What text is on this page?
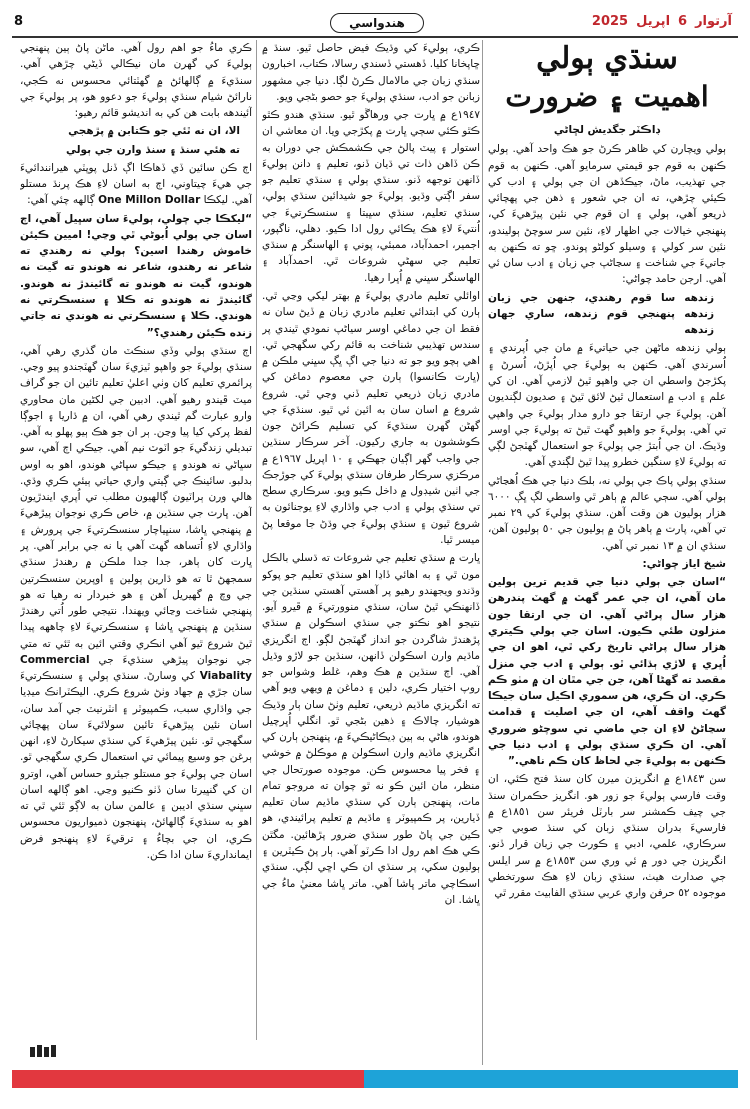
8	هندواسي	آرتوار6اپريل2025
سنڌي ٻولي
اهميت ۽ ضرورت

ڊاڪٽر جگديش لڇاڻي

ٻولي ويچارن کي ظاهر ڪرڻ جو هڪ واحد آهي. ٻولي ڪنهن به قوم جو قيمتي سرمايو آهي. ڪنهن به قوم جي تهذيب، ماڻ، جيڪڏهن ان جي ٻولي ۽ ادب کي ڪيئي چڙهي، ته ان جي شعور ۽ ذهن جي پهچائي ذريعو آهي، ٻولي ۽ ان قوم جي نئين پيڙهيءَ کي، پنهنجي خيالات جي اظهار لاءِ، نئين سر سوچڻ ٻوليندو، نئين سر کولي ۽ وسيلو کولڻو پوندو. ڇو ته ڪنهن به جاتيءَ جي شناخت ۽ سڃاڻپ جي زبان ۽ ادب سان ئي آهي. ارجن حامد چواڻي:

زندهه سا قوم رهندي، جنهن جي زبان زندهه پنهنجي قوم زندهه، ساري جهان زندهه

ٻولي زندهه ماڻهن جي حياتيءَ ۾ مان جي اُپرندي ۽ اُسرندي آهي. ڪنهن به ٻوليءَ جي اُپڙڻ، اُسرڻ ۽ پکڙجڻ واسطي ان جي واهپو ٿيڻ لازمي آهي. ان کي علم ۽ ادب ۾ استعمال ٿيڻ لائق ٿيڻ ۽ صديون لڳنديون آهن. ٻوليءَ جي ارتقا جو دارو مدار ٻوليءَ جي واهپي تي آهي. ٻوليءَ جو واهپو گهٽ ٿيڻ ته ٻوليءَ جي اوسر وڌيڪ. ان جي اُبتڙ جي ٻوليءَ جو استعمال گهٽجڻ لڳي ته ٻوليءَ لاءِ سنگين خطرو پيدا ٿيڻ لڳندي آهي.

سنڌي ٻولي پاڪ جي ٻولي نه، بلڪ دنيا جي هڪ اُهڃاڻي ٻولي آهي. سڄي عالم ۾ ٻاهر ٿي واسطي لڳ ڀڳ ٦٠٠٠ هزار ٻوليون هن وقت آهن. سنڌي ٻوليءَ کي ٢٩ نمبر تي آهي، پارت ۾ ٻاهر پاڻ ۾ ٻوليون جي ٥٠ ٻوليون آهن، سنڌي ان ۾ ١٣ نمبر تي آهي.

شيخ اياز چواڻي:

“اسان جي ٻولي دنيا جي قديم ترين ٻولين مان آهي، ان جي عمر گهٽ ۾ گهٽ پندرهن هزار سال پراڻي آهي. ان جي ارتقا جون منزلون طئي ڪيون. اسان جي ٻولي ڪيتري هزار سال پراڻي تاريخ رکي ٿي، اهو ان جي اُڀري ۽ لاڙي ٻڌائي ٿو. ٻولي ۽ ادب جي منزل مقصد ته گهڻا آهن، جن جي مٿان ان ۾ مٺو ڪم ڪري. ان ڪري، هن سموري اڪيل سان جيڪا گهٽ واقف آهي، ان جي اصليت ۽ قدامت سڃاڻڻ لاءِ ان جي ماضي تي سوچڻو ضروري آهي. ان ڪري سنڌي ٻولي ۽ ادب دنيا جي ڪنهن به ٻوليءَ جي لحاظ کان ڪم ناهي.”

سن ١٨٤٣ع ۾ انگريزن ميرن کان سنڌ فتح ڪئي، ان وقت فارسي ٻوليءَ جو زور هو. انگريز حڪمران سنڌ جي چيف ڪمشنر سر بارٽل فريئر سن ١٨٥١ع ۾ فارسيءَ بدران سنڌي زبان کي سنڌ صوبي جي سرڪاري، علمي، ادبي ۽ ڪورٽ جي زبان قرار ڏنو. انگريزن جي دور ۾ ئي وري سن ١٨٥٣ع ۾ سر ايلس جي صدارت هيٺ، سنڌي زبان لاءِ هڪ سورتخطي موجوده ٥٢ حرفن واري عربي سنڌي الفابيٽ مقرر ٿي

ڪري، ٻوليءَ کي وڌيڪ فيض حاصل ٿيو. سنڌ ۾ ڇاپخانا کليا. ڏهستي ڏسندي رسالا، ڪتاب، اخبارون سنڌي زبان جي مالامال ڪرڻ لڳا. دنيا جي مشهور زبانن جو ادب، سنڌي ٻوليءَ جو حصو بڻجي ويو.

١٩٤٧ع ۾ ڀارت جي ورهاڱو ٿيو. سنڌي هندو ڪٿو ڪٿو ڪئي سڄي ڀارت ۾ پکڙجي ويا. ان معاشي ان استوار ۽ پيٽ پالڻ جي ڪشمڪش جي دوران به ڪن ڏاهن ذات تي ڌيان ڏنو، تعليم ۽ دانن ٻوليءَ ڏانهن توجهه ڏنو. سنڌي ٻولي ۽ سنڌي تعليم جو سفر اڳتي وڌيو. ٻوليءَ جو شيدائين سنڌي ٻولي، سنڌي تعليم، سنڌي سڀيتا ۽ سنسڪرتيءَ جي اُنتيءَ لاءِ هڪ يڪائي رول ادا ڪيو. دهلي، ناگپور، اجمير، احمدآباد، ممبئي، پوني ۽ الهاسنگر ۾ سنڌي تعليم جي سهڻي شروعات ٿي. احمدآباد ۽ الهاسنگر سڀني ۾ اُڀرا رهيا.

اوائلي تعليم مادري ٻوليءَ ۾ بهتر ليکي وڃي ٿي. ٻارن کي ابتدائي تعليم مادري زبان ۾ ڏيڻ سان نه فقط ان جي دماغي اوسر سياڻپ نمودي ٿيندي پر سندس تهذيبي شناخت به قائم رکي سگهجي ٿي. اهي ٻچو ويو جو ته دنيا جي اڳ ڀڳ سڀني ملڪن ۾ (ڀارت ڪانسوا) ٻارن جي معصوم دماغن کي مادري زبان ذريعي تعليم ڏني وڃي ٿي. شروع شروع ۾ اسان سان به ائين ئي ٿيو. سنڌيءَ جي گهڻن گهرن سنڌيءَ کي تسليم ڪرائڻ جون ڪوششون به جاري رکيون. آخر سرڪار سنڌين جي واجب گهر اڳيان جهڪي ۽ ١٠ اپريل ١٩٦٧ع ۾ مرڪزي سرڪار طرفان سنڌي ٻوليءَ کي جوڙجڪ جي اٺين شيڊول ۾ داخل ڪيو ويو. سرڪاري سطح تي سنڌي ٻولي ۽ ادب جي واڌاري لاءِ يوجنائون به شروع ٿيون ۽ سنڌي ٻوليءَ جي وڌڻ جا موقعا پڻ ميسر ٿيا.

ڀارت ۾ سنڌي تعليم جي شروعات ته ڌسلي بالڪل مون ٿي ۽ به اهائي ڏاڍا اهو سنڌي تعليم جو پوکو وڌندو ويجهندو رهيو پر آهستي آهستي سنڌين جي ڏانهنڪي ٿيڻ سان، سنڌي منوورتيءَ ۾ ڦيرو آيو. نتيجو اهو نڪتو جي سنڌي اسڪولن ۾ سنڌي پڙهندڙ شاگردن جو انداز گهٽجڻ لڳو. اڄ انگريزي ماڌيم وارن اسڪولن ڏانهن، سنڌين جو لاڙو وڌيل آهي. اڄ سنڌين ۾ هڪ وهم، غلط وشواس جو روپ اختيار ڪري، دلين ۽ دماغن ۾ ويهي ويو آهي ته انگريزي ماڌيم ذريعي، تعليم وٺڻ سان ٻار وڌيڪ هوشيار، چالاڪ ۽ ذهين بڻجي ٿو. انگلي اُڀرچيل هوندو، هاڻي به ٻين ڊيڪاڻيڪيءَ ۾، پنهنجن ٻارن کي انگريزي ماڌيم وارن اسڪولن ۾ موڪلڻ ۾ خوشي ۽ فخر پيا محسوس ڪن. موجوده صورتحال جي منظر، مان ائين ڪو نه ٿو چوان ته مروجو تمام مات، پنهنجن ٻارن کي سنڌي ماڌيم سان تعليم ڏيارين، پر ڪمپيوٽر ۽ ماڌيم ۾ تعليم پرائيندي، هو ڪين جي پاڻ طور سنڌي ضرور پڙهائين. مگٿن ڪي هڪ اهم رول ادا ڪرٽو آهي. ٻار پڻ ڪيٽرين ۽ ٻوليون سکي، پر سنڌي ان ڪي اڇي لڳي. سنڌي اسڪاچي ماتر ڀاشا آهي. ماتر ڀاشا معنيٰ ماءُ جي ڀاشا. ان

ڪري ماءُ جو اهم رول آهي. ماڻن پاڻ ٻين پنهنجي ٻوليءَ کي گهرن مان نيڪالي ڏيڻي چڙهي آهي. سنڌيءَ ۾ ڳالهائڻ ۾ گهٽتائي محسوس نه ڪجي، نارائڻ شيام سنڌي ٻوليءَ جو دعوو هو، پر ٻوليءَ جي آئيندهه بابت هن کي به انديشو قائم رهيو:

الا، ان نه ٿئي جو ڪتابن ۾ پڙهجي

ته هئي سنڌ ۽ سنڌ وارن جي ٻولي

اڄ ڪن سائين ڏي ڏهاڪا اڳ ڏنل پوپٽي هيرانندائيءَ جي هيءَ چيتاوني، اڄ به اسان لاءِ هڪ پرنڌ مستلو آهي. ليکڪا One Millon Dollar ڳالهه چئي آهي:

“ليکڪا جي چولي، ٻوليءَ سان سڀيل آهي، اڄ اسان جي ٻولي اُبوڻي ٿي وڃي! اميين ڪيئن خاموش رهندا اسين؟ ٻولي نه رهندي ته شاعر نه رهندو، شاعر نه هوندو ته گيت نه هوندو، گيت نه هوندو ته گائيندڙ نه هوندو. گائيندڙ نه هوندو ته ڪلا ۽ سنسڪرتي نه هوندي. ڪلا ۽ سنسڪرتي نه هوندي ته جاتي زنده ڪيئن رهندي؟”

اڄ سنڌي ٻولي وڏي سنڪٽ مان گذري رهي آهي، سنڌي ٻوليءَ جو واهپو ٽيزيءَ سان گهٽجندو پيو وڃي. پرائمري تعليم کان وٺي اعليٰ تعليم تائين ان جو گراف ميٽ ڦيندو رهيو آهي. ادبين جي لکڻين مان محاوري وارو عبارت گم ٿيندي رهي آهي، ان ۾ ڌاريا ۽ اجوڳا لفظ پرکي کيا پيا وڃن. ٻر ان جو هڪ ٻيو پهلو به آهي. تبديلي زندگيءَ جو اٽوٽ نيم آهي. جيڪي اڄ آهي، سو سڀاڻي نه هوندو ۽ جيڪو سڀاڻي هوندو، اهو به اوس بدلبو. سائينڪ جي ڳيتي واري حياتي ٻيئي ڪري وڌي. هالي ورن ٻراٽيون ڳالهيون مطلب تي اُپري ايندڙيون آهن. ڀارت جي سنڌين ۾، خاص ڪري نوجوان پيڙهيءَ ۾ پنهنجي ڀاشا، سنڀياچار سنسڪرتيءَ جي پرورش ۽ واڌاري لاءِ اُتساهه گهٽ آهي يا نه جي برابر آهي. پر ڀارت کان ٻاهر، جدا جدا ملڪن ۾ رهندڙ سنڌي سمجهڻ ٿا ته هو ڌارين ٻولين ۽ اوپرين سنسڪرتين جي وچ ۾ گهيريل آهن ۽ هو خبردار نه رهيا ته هو پنهنجي شناخت وڃائي ويهندا. نتيجي طور اُتي رهندڙ سنڌين ۾ پنهنجي ڀاشا ۽ سنسڪرتيءَ لاءِ چاههه پيدا ٿيڻ شروع ٿيو آهي انڪري وقتي ائين به ٿئي ته متي جي نوجوان پيڙهي سنڌيءَ جي Commercial Viabality کي وسارڻ. سنڌي ٻولي ۽ سنسڪرتيءَ سان جڙي ۾ جهاد وٺڻ شروع ڪري. اليڪٽرانڪ ميڊيا جي واڌاري سبب، ڪمپيوٽر ۽ انٽرنيٽ جي آمد سان، اسان نئين پيڙهيءَ تائين سولائيءَ سان پهچائي سگهجي ٿو. نئين پيڙهيءَ کي سنڌي سيکارڻ لاءِ، انهن ٻرغن جو وسيع پيمائي تي استعمال ڪري سگهجي ٿو. اسان جي ٻوليءَ جو مستلو جيئرو حساس آهي، اوترو ان کي گنڀيرتا سان ڏٺو ڪنيو وڃي. اهو ڳالهه اسان سڀني سنڌي اديبن ۽ عالمن سان به لاڳو ٿئي ٿي ته اهو به سنڌيءَ ڳالهائڻ، پنهنجون ذميواريون محسوس ڪري، ان جي بچاءُ ۽ ترقيءَ لاءِ پنهنجو فرض ايمانداريءَ سان ادا ڪن.
